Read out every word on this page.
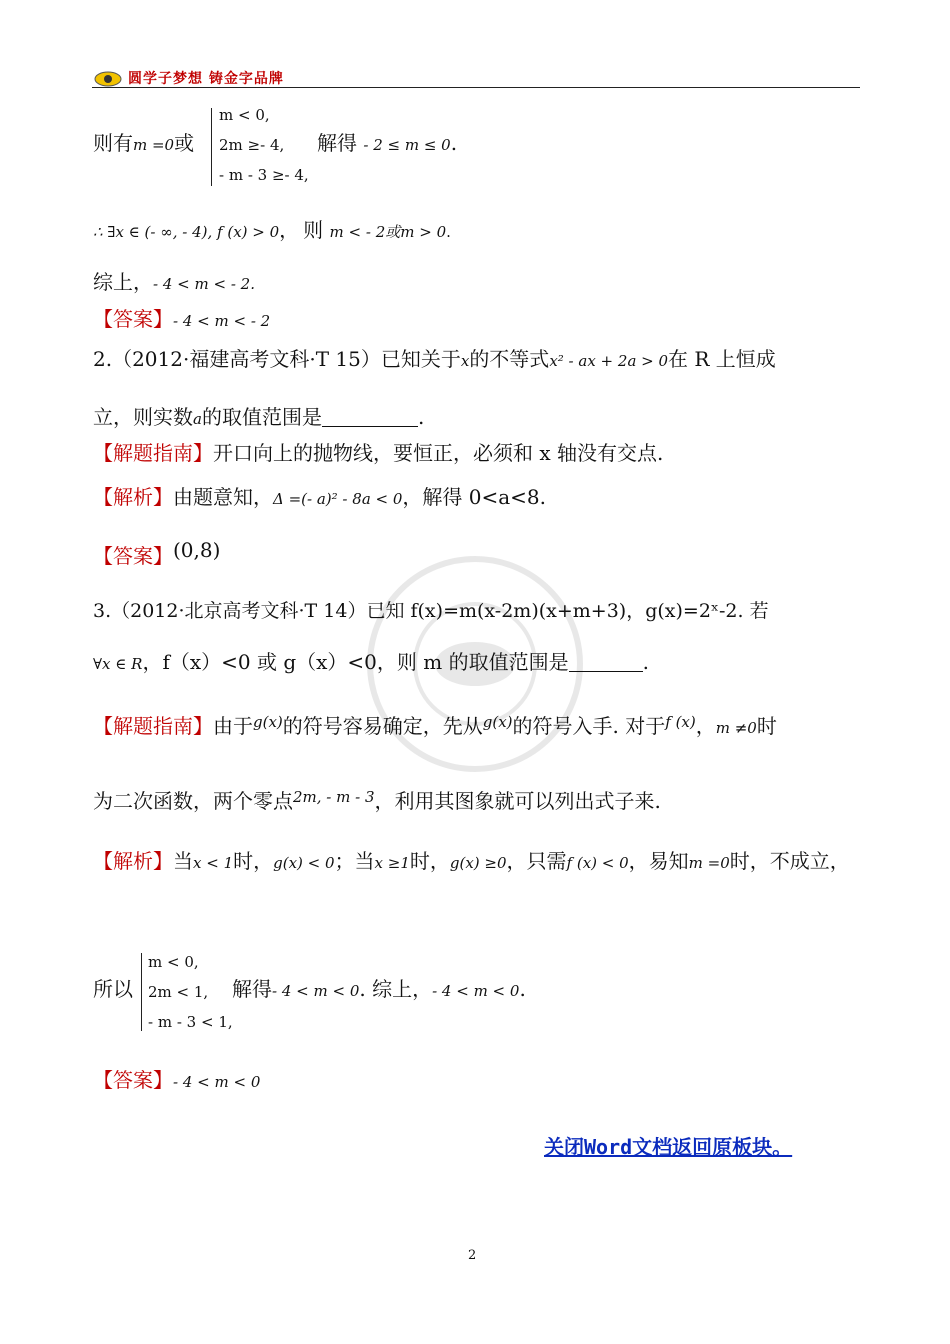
圆学子梦想 铸金字品牌
则有m =0或
m < 0,
2m ≥- 4,
- m - 3 ≥- 4,
解得 - 2 ≤ m ≤ 0.
∴ ∃x ∈ (- ∞, - 4), f (x) > 0， 则 m < - 2或m > 0.
综上，- 4 < m < - 2.
【答案】- 4 < m < - 2
2.（2012·福建高考文科·T 15）已知关于x的不等式x² - ax + 2a > 0在 R 上恒成
立，则实数a的取值范围是	.
【解题指南】开口向上的抛物线，要恒正，必须和 x 轴没有交点.
【解析】由题意知，Δ =(- a)² - 8a < 0，解得 0<a<8.
【答案】(0,8)
3.（2012·北京高考文科·T 14）已知 f(x)=m(x-2m)(x+m+3)，g(x)=2ˣ-2. 若
∀x ∈ R，f（x）<0 或 g（x）<0，则 m 的取值范围是	.
【解题指南】由于$^{g(x)}$的符号容易确定，先从$^{g(x)}$的符号入手. 对于$^{f (x)}$，m ≠0时
为二次函数，两个零点$^{2m, - m - 3}$，利用其图象就可以列出式子来.
【解析】当x < 1时，g(x) < 0；当x ≥1时，g(x) ≥0，只需f (x) < 0，易知m =0时，不成立，
所以
m < 0,
2m < 1,
- m - 3 < 1,
解得- 4 < m < 0. 综上，- 4 < m < 0.
【答案】- 4 < m < 0
关闭Word文档返回原板块。
2
